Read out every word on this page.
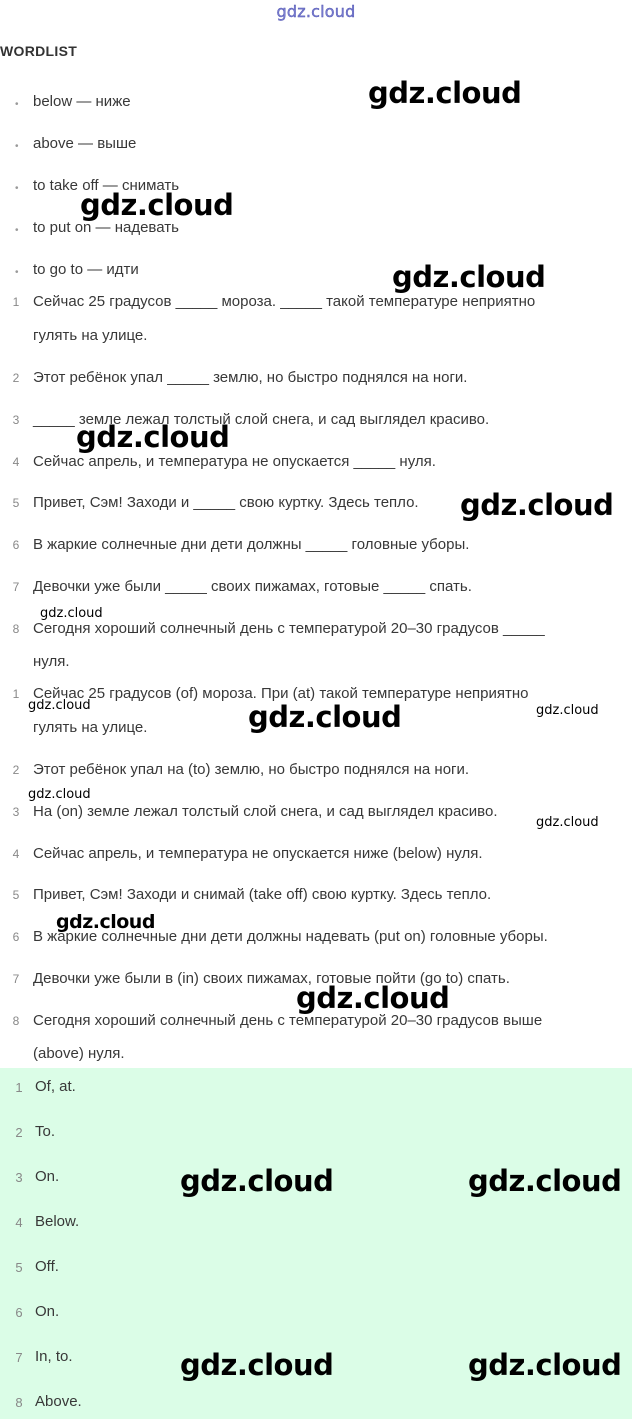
gdz.cloud
WORDLIST
• below — ниже
• above — выше
• to take off — снимать
• to put on — надевать
• to go to — идти
1 Сейчас 25 градусов _____ мороза. _____ такой температуре неприятно
гулять на улице.
2 Этот ребёнок упал _____ землю, но быстро поднялся на ноги.
3 _____ земле лежал толстый слой снега, и сад выглядел красиво.
4 Сейчас апрель, и температура не опускается _____ нуля.
5 Привет, Сэм! Заходи и _____ свою куртку. Здесь тепло.
6 В жаркие солнечные дни дети должны _____ головные уборы.
7 Девочки уже были _____ своих пижамах, готовые _____ спать.
8 Сегодня хороший солнечный день с температурой 20–30 градусов _____
нуля.
1 Сейчас 25 градусов (of) мороза. При (at) такой температуре неприятно
гулять на улице.
2 Этот ребёнок упал на (to) землю, но быстро поднялся на ноги.
3 На (on) земле лежал толстый слой снега, и сад выглядел красиво.
4 Сейчас апрель, и температура не опускается ниже (below) нуля.
5 Привет, Сэм! Заходи и снимай (take off) свою куртку. Здесь тепло.
6 В жаркие солнечные дни дети должны надевать (put on) головные уборы.
7 Девочки уже были в (in) своих пижамах, готовые пойти (go to) спать.
8 Сегодня хороший солнечный день с температурой 20–30 градусов выше
(above) нуля.
1 Of, at.
2 To.
3 On.
4 Below.
5 Off.
6 On.
7 In, to.
8 Above.
gdz.cloud
gdz.cloud
gdz.cloud
gdz.cloud
gdz.cloud
gdz.cloud
gdz.cloud	gdz.cloud	gdz.cloud
gdz.cloud
gdz.cloud
gdz.cloud
gdz.cloud
gdz.cloud	gdz.cloud
gdz.cloud	gdz.cloud
